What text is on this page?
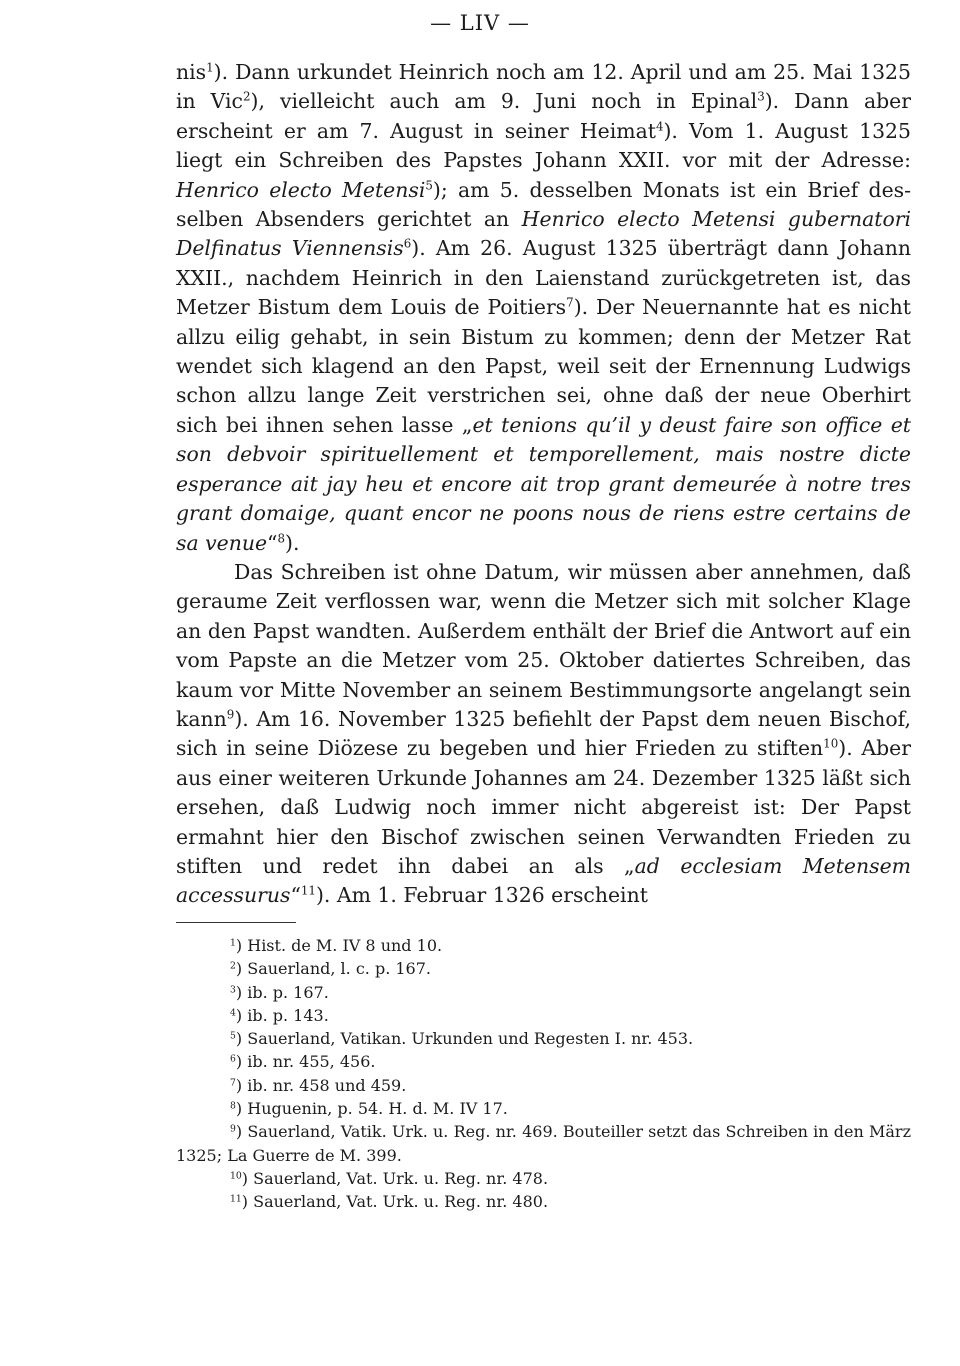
— LIV —

nis$^1$). Dann urkundet Heinrich noch am 12. April und am 25. Mai 1325 in Vic$^2$), vielleicht auch am 9. Juni noch in Epinal$^3$). Dann aber erscheint er am 7. August in seiner Heimat$^4$). Vom 1. August 1325 liegt ein Schreiben des Papstes Johann XXII. vor mit der Adresse: Henrico electo Metensi$^5$); am 5. desselben Monats ist ein Brief desselben Absenders gerichtet an Henrico electo Metensi gubernatori Delfinatus Viennensis$^6$). Am 26. August 1325 überträgt dann Johann XXII., nachdem Heinrich in den Laienstand zurückgetreten ist, das Metzer Bistum dem Louis de Poitiers$^7$). Der Neuernannte hat es nicht allzu eilig gehabt, in sein Bistum zu kommen; denn der Metzer Rat wendet sich klagend an den Papst, weil seit der Ernennung Ludwigs schon allzu lange Zeit verstrichen sei, ohne daß der neue Oberhirt sich bei ihnen sehen lasse „et tenions qu’il y deust faire son office et son debvoir spirituellement et temporellement, mais nostre dicte esperance ait jay heu et encore ait trop grant demeurée à notre tres grant domaige, quant encor ne poons nous de riens estre certains de sa venue“$^8$).

Das Schreiben ist ohne Datum, wir müssen aber annehmen, daß geraume Zeit verflossen war, wenn die Metzer sich mit solcher Klage an den Papst wandten. Außerdem enthält der Brief die Antwort auf ein vom Papste an die Metzer vom 25. Oktober datiertes Schreiben, das kaum vor Mitte November an seinem Bestimmungsorte angelangt sein kann$^9$). Am 16. November 1325 befiehlt der Papst dem neuen Bischof, sich in seine Diözese zu begeben und hier Frieden zu stiften$^{10}$). Aber aus einer weiteren Urkunde Johannes am 24. Dezember 1325 läßt sich ersehen, daß Ludwig noch immer nicht abgereist ist: Der Papst ermahnt hier den Bischof zwischen seinen Verwandten Frieden zu stiften und redet ihn dabei an als „ad ecclesiam Metensem accessurus“$^{11}$). Am 1. Februar 1326 erscheint

$^1$) Hist. de M. IV 8 und 10.
$^2$) Sauerland, l. c. p. 167.
$^3$) ib. p. 167.
$^4$) ib. p. 143.
$^5$) Sauerland, Vatikan. Urkunden und Regesten I. nr. 453.
$^6$) ib. nr. 455, 456.
$^7$) ib. nr. 458 und 459.
$^8$) Huguenin, p. 54. H. d. M. IV 17.
$^9$) Sauerland, Vatik. Urk. u. Reg. nr. 469. Bouteiller setzt das Schreiben in den März 1325; La Guerre de M. 399.
$^{10}$) Sauerland, Vat. Urk. u. Reg. nr. 478.
$^{11}$) Sauerland, Vat. Urk. u. Reg. nr. 480.
